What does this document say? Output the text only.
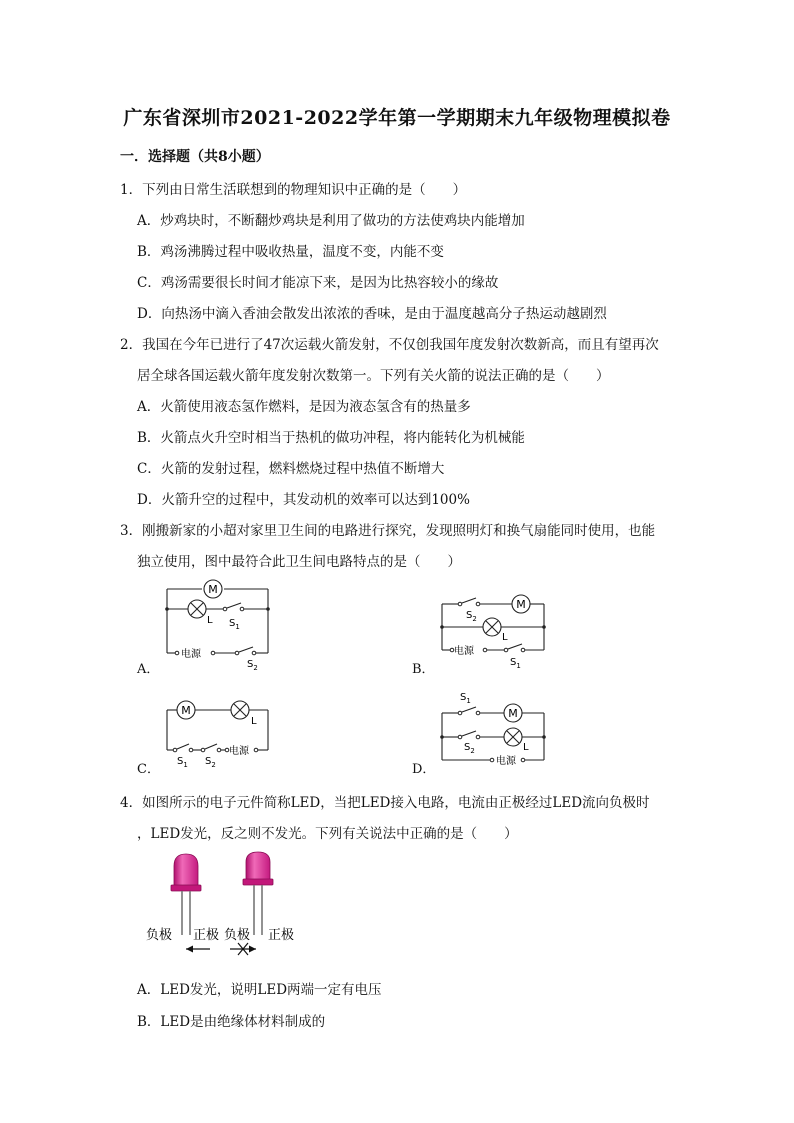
广东省深圳市2021-2022学年第一学期期末九年级物理模拟卷
一．选择题（共8小题）
1．下列由日常生活联想到的物理知识中正确的是（　　）
A．炒鸡块时，不断翻炒鸡块是利用了做功的方法使鸡块内能增加
B．鸡汤沸腾过程中吸收热量，温度不变，内能不变
C．鸡汤需要很长时间才能凉下来，是因为比热容较小的缘故
D．向热汤中滴入香油会散发出浓浓的香味，是由于温度越高分子热运动越剧烈
2．我国在今年已进行了47次运载火箭发射，不仅创我国年度发射次数新高，而且有望再次
居全球各国运载火箭年度发射次数第一。下列有关火箭的说法正确的是（　　）
A．火箭使用液态氢作燃料，是因为液态氢含有的热量多
B．火箭点火升空时相当于热机的做功冲程，将内能转化为机械能
C．火箭的发射过程，燃料燃烧过程中热值不断增大
D．火箭升空的过程中，其发动机的效率可以达到100%
3．刚搬新家的小超对家里卫生间的电路进行探究，发现照明灯和换气扇能同时使用，也能
独立使用，图中最符合此卫生间电路特点的是（　　）
A．	B．
C．	D．
M
L $S_1$
电源
$S_2$
M
L
$S_2$
电源
$S_1$
M
L
电源
$S_1$ $S_2$
M
L
$S_1$
$S_2$
电源
4．如图所示的电子元件简称LED，当把LED接入电路，电流由正极经过LED流向负极时
，LED发光，反之则不发光。下列有关说法中正确的是（　　）
负极 正极 负极 正极
A．LED发光，说明LED两端一定有电压
B．LED是由绝缘体材料制成的
